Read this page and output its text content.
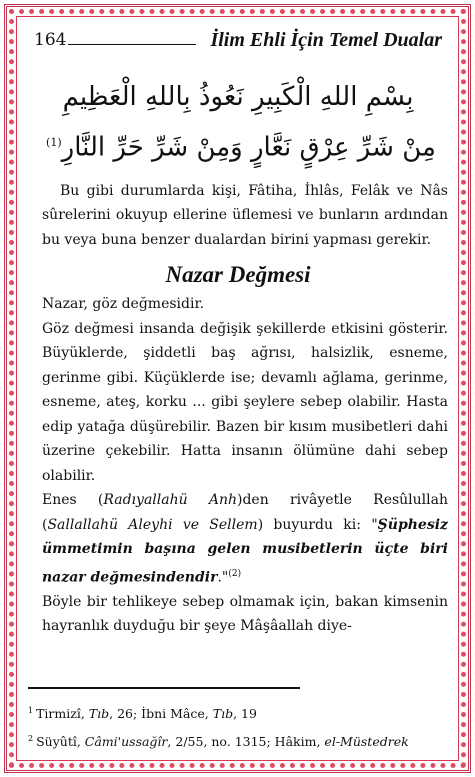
164	İlim Ehli İçin Temel Dualar
بِسْمِ اللهِ الْكَبِيرِ نَعُوذُ بِاللهِ الْعَظِيمِ
مِنْ شَرِّ عِرْقٍ نَعَّارٍ وَمِنْ شَرِّ حَرِّ النَّارِ(1)

Bu gibi durumlarda kişi, Fâtiha, İhlâs, Felâk ve Nâs sûrelerini okuyup ellerine üflemesi ve bunların ardından bu veya buna benzer dualardan birini yapması gerekir.

Nazar Değmesi

Nazar, göz değmesidir.

Göz değmesi insanda değişik şekillerde etkisini gösterir. Büyüklerde, şiddetli baş ağrısı, halsizlik, esneme, gerinme gibi. Küçüklerde ise; devamlı ağlama, gerinme, esneme, ateş, korku ... gibi şeylere sebep olabilir. Hasta edip yatağa düşürebilir. Bazen bir kısım musibetleri dahi üzerine çekebilir. Hatta insanın ölümüne dahi sebep olabilir.

Enes (Radıyallahü Anh)den rivâyetle Resûlullah (Sallallahü Aleyhi ve Sellem) buyurdu ki: "Şüphesiz ümmetimin başına gelen musibetlerin üçte biri nazar değmesindendir."$^{(2)}$

Böyle bir tehlikeye sebep olmamak için, bakan kimsenin hayranlık duyduğu bir şeye Mâşâallah diye-

$^1$ Tirmizî, Tıb, 26; İbni Mâce, Tıb, 19
$^2$ Süyûtî, Câmi'ussağîr, 2/55, no. 1315; Hâkim, el-Müstedrek
